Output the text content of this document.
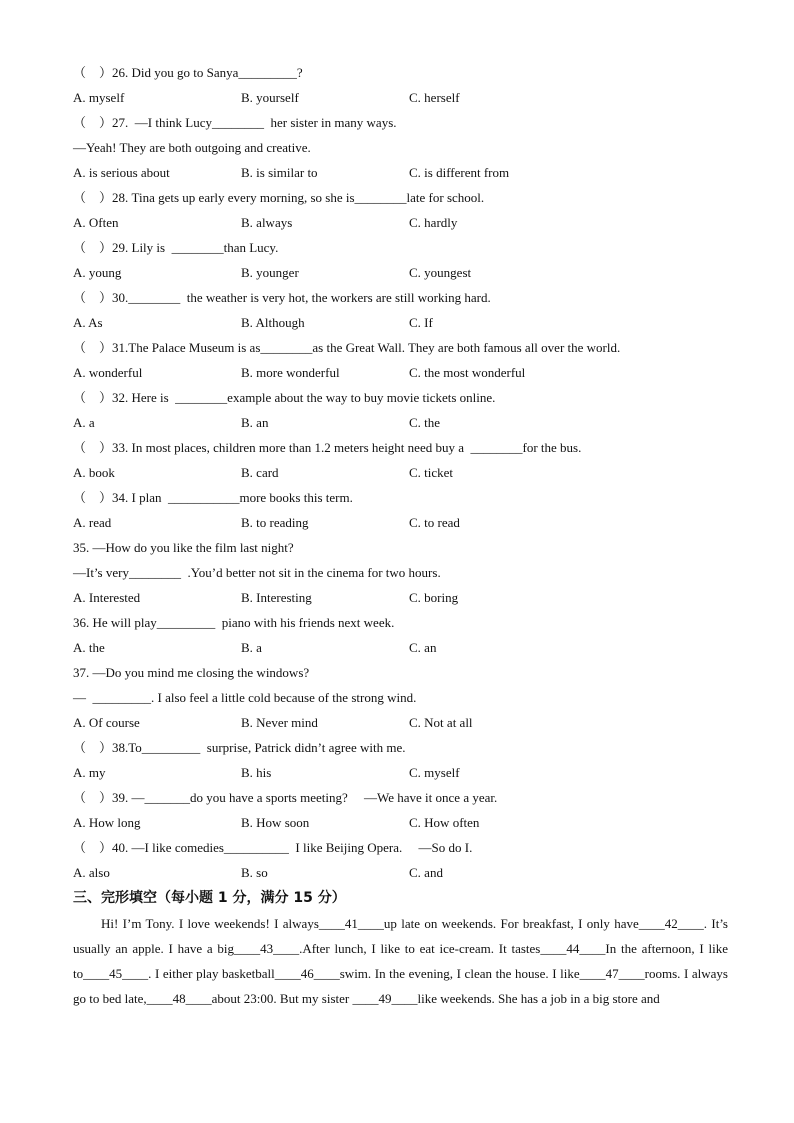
（    ）26. Did you go to Sanya_________?

A. myself

	B. yourself

	C. herself

（    ）27.  —I think Lucy________  her sister in many ways.
—Yeah! They are both outgoing and creative.

A. is serious about

	B. is similar to

	C. is different from

（    ）28. Tina gets up early every morning, so she is________late for school.

A. Often

	B. always

	C. hardly

（    ）29. Lily is  ________than Lucy.

A. young

	B. younger

	C. youngest

（    ）30.________  the weather is very hot, the workers are still working hard.

A. As

	B. Although

	C. If

（    ）31.The Palace Museum is as________as the Great Wall. They are both famous all over the world.

A. wonderful

	B. more wonderful

	C. the most wonderful

（    ）32. Here is  ________example about the way to buy movie tickets online.

A. a

	B. an

	C. the

（    ）33. In most places, children more than 1.2 meters height need buy a  ________for the bus.

A. book

	B. card

	C. ticket

（    ）34. I plan  ___________more books this term.

A. read

	B. to reading

	C. to read

35. —How do you like the film last night?
—It’s very________  .You’d better not sit in the cinema for two hours.

A. Interested

	B. Interesting

	C. boring

36. He will play_________  piano with his friends next week.

A. the

	B. a

	C. an

37. —Do you mind me closing the windows?
—  _________. I also feel a little cold because of the strong wind.

A. Of course

	B. Never mind

	C. Not at all

（    ）38.To_________  surprise, Patrick didn’t agree with me.

A. my

	B. his

	C. myself

（    ）39. —_______do you have a sports meeting?     —We have it once a year.

A. How long

	B. How soon

	C. How often

（    ）40. —I like comedies__________  I like Beijing Opera.     —So do I.

A. also

	B. so

	C. and

三、完形填空（每小题 1 分，满分 15 分）
Hi! I’m Tony. I love weekends! I always____41____up late on weekends. For breakfast, I only have____42____. It’s usually an apple. I have a big____43____.After lunch, I like to eat ice-cream. It tastes____44____In the afternoon, I like to____45____. I either play basketball____46____swim. In the evening, I clean the house. I like____47____rooms. I always go to bed late,____48____about 23:00. But my sister ____49____like weekends. She has a job in a big store and
